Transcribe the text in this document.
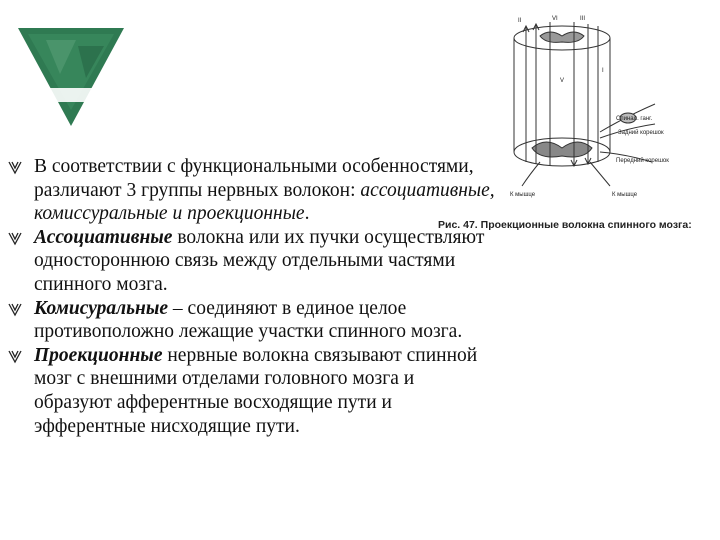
II	VI	III
I
V
Спинал. ганг.
Задний корешок
Передний корешок
К мышце	К мышце
Рис. 47. Проекционные волокна спинного мозга:
В соответствии с функциональными особенностями, различают 3 группы нервных волокон: ассоциативные, комиссуральные и проекционные.
Ассоциативные волокна или их пучки осуществляют одностороннюю связь между отдельными частями спинного мозга.
Комисуральные – соединяют в единое целое противоположно лежащие участки спинного мозга.
Проекционные нервные волокна связывают спинной мозг с внешними отделами головного мозга и образуют афферентные восходящие пути и эфферентные нисходящие пути.
